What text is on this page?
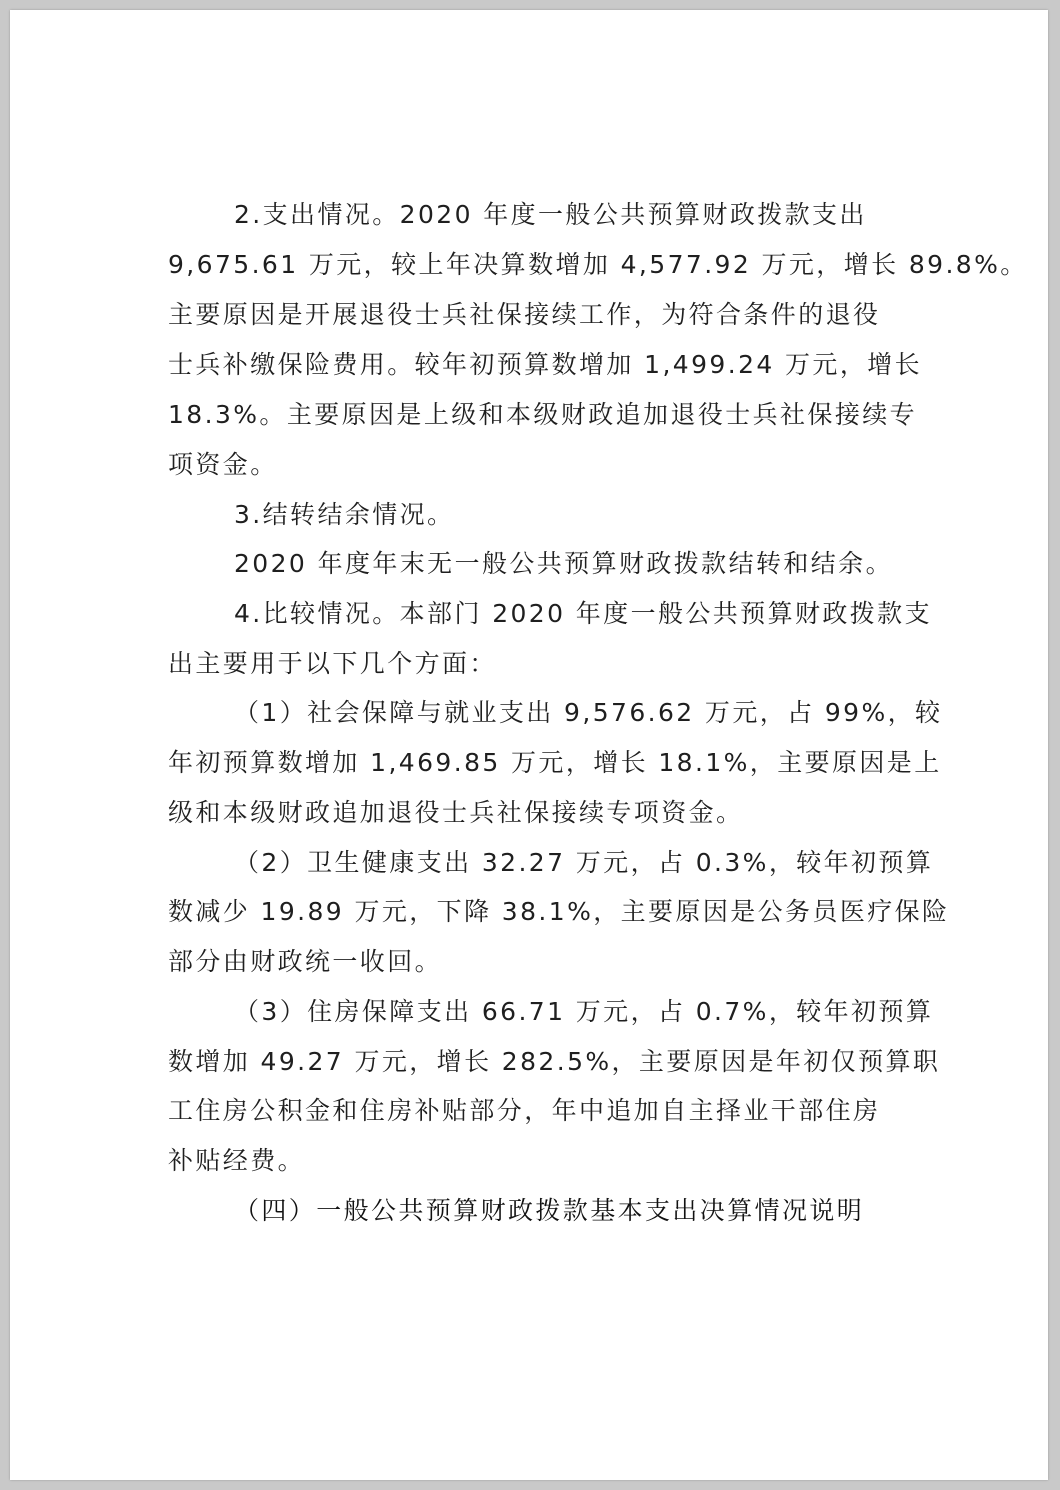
2.支出情况。2020 年度一般公共预算财政拨款支出

9,675.61 万元，较上年决算数增加 4,577.92 万元，增长 89.8%。

主要原因是开展退役士兵社保接续工作，为符合条件的退役

士兵补缴保险费用。较年初预算数增加 1,499.24 万元，增长

18.3%。主要原因是上级和本级财政追加退役士兵社保接续专

项资金。

3.结转结余情况。

2020 年度年末无一般公共预算财政拨款结转和结余。

4.比较情况。本部门 2020 年度一般公共预算财政拨款支

出主要用于以下几个方面：

（1）社会保障与就业支出 9,576.62 万元，占 99%，较

年初预算数增加 1,469.85 万元，增长 18.1%，主要原因是上

级和本级财政追加退役士兵社保接续专项资金。

（2）卫生健康支出 32.27 万元，占 0.3%，较年初预算

数减少 19.89 万元，下降 38.1%，主要原因是公务员医疗保险

部分由财政统一收回。

（3）住房保障支出 66.71 万元，占 0.7%，较年初预算

数增加 49.27 万元，增长 282.5%，主要原因是年初仅预算职

工住房公积金和住房补贴部分，年中追加自主择业干部住房

补贴经费。

（四）一般公共预算财政拨款基本支出决算情况说明
